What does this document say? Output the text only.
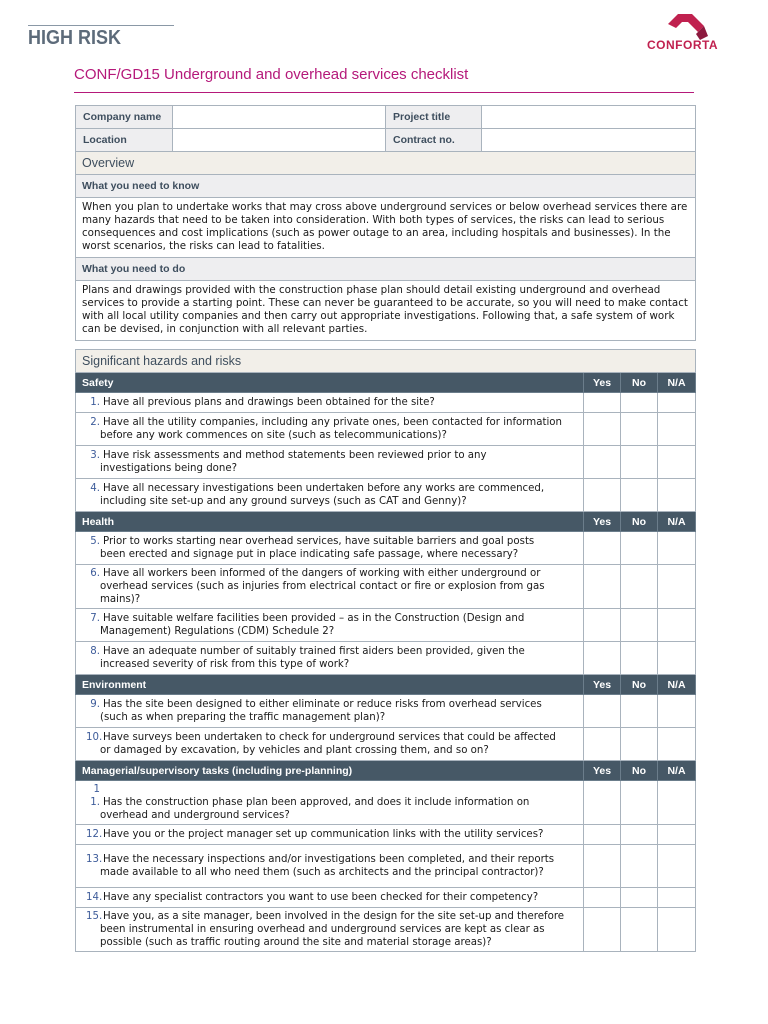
HIGH RISK	CONFORTA
CONF/GD15 Underground and overhead services checklist
Company name		Project title	
Location		Contract no.	
Overview			
What you need to know			
When you plan to undertake works that may cross above underground services or below overhead services there are many hazards that need to be taken into consideration. With both types of services, the risks can lead to serious consequences and cost implications (such as power outage to an area, including hospitals and businesses). In the worst scenarios, the risks can lead to fatalities.			
What you need to do			
Plans and drawings provided with the construction phase plan should detail existing underground and overhead services to provide a starting point. These can never be guaranteed to be accurate, so you will need to make contact with all local utility companies and then carry out appropriate investigations. Following that, a safe system of work can be devised, in conjunction with all relevant parties.			
Significant hazards and risks			
Safety	Yes	No	N/A
1. Have all previous plans and drawings been obtained for the site?			
2. Have all the utility companies, including any private ones, been contacted for information
before any work commences on site (such as telecommunications)?			

3. Have risk assessments and method statements been reviewed prior to any
investigations being done?			

4. Have all necessary investigations been undertaken before any works are commenced,
including site set-up and any ground surveys (such as CAT and Genny)?			

Health	Yes	No	N/A
5. Prior to works starting near overhead services, have suitable barriers and goal posts
been erected and signage put in place indicating safe passage, where necessary?			

6. Have all workers been informed of the dangers of working with either underground or
overhead services (such as injuries from electrical contact or fire or explosion from gas mains)?			

7. Have suitable welfare facilities been provided – as in the Construction (Design and
Management) Regulations (CDM) Schedule 2?			

8. Have an adequate number of suitably trained first aiders been provided, given the
increased severity of risk from this type of work?			

Environment	Yes	No	N/A
9. Has the site been designed to either eliminate or reduce risks from overhead services
(such as when preparing the traffic management plan)?			

10.Have surveys been undertaken to check for underground services that could be affected
or damaged by excavation, by vehicles and plant crossing them, and so on?			

Managerial/supervisory tasks (including pre-planning)	Yes	No	N/A
1 1. Has the construction phase plan been approved, and does it include information on
overhead and underground services?			

12.Have you or the project manager set up communication links with the utility services?			
13.Have the necessary inspections and/or investigations been completed, and their reports
made available to all who need them (such as architects and the principal contractor)?			

14.Have any specialist contractors you want to use been checked for their competency?			
15.Have you, as a site manager, been involved in the design for the site set-up and therefore
been instrumental in ensuring overhead and underground services are kept as clear as possible (such as traffic routing around the site and material storage areas)?			
